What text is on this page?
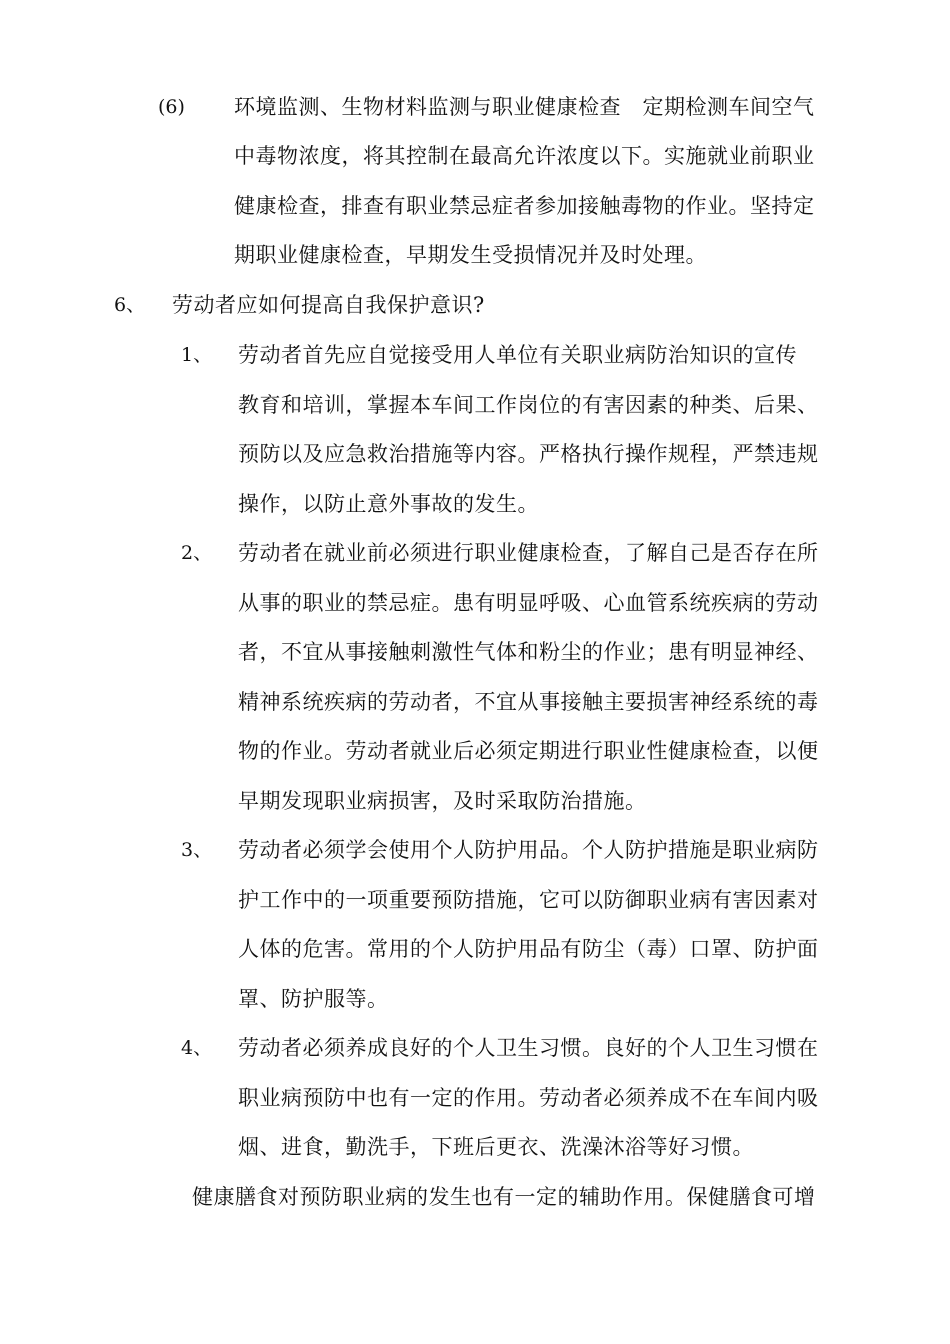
(6) 环境监测、生物材料监测与职业健康检查　定期检测车间空气
中毒物浓度，将其控制在最高允许浓度以下。实施就业前职业
健康检查，排查有职业禁忌症者参加接触毒物的作业。坚持定
期职业健康检查，早期发生受损情况并及时处理。
6、 劳动者应如何提高自我保护意识?
1、 劳动者首先应自觉接受用人单位有关职业病防治知识的宣传
教育和培训，掌握本车间工作岗位的有害因素的种类、后果、
预防以及应急救治措施等内容。严格执行操作规程，严禁违规
操作，以防止意外事故的发生。
2、 劳动者在就业前必须进行职业健康检查，了解自己是否存在所
从事的职业的禁忌症。患有明显呼吸、心血管系统疾病的劳动
者，不宜从事接触刺激性气体和粉尘的作业；患有明显神经、
精神系统疾病的劳动者，不宜从事接触主要损害神经系统的毒
物的作业。劳动者就业后必须定期进行职业性健康检查，以便
早期发现职业病损害，及时采取防治措施。
3、 劳动者必须学会使用个人防护用品。个人防护措施是职业病防
护工作中的一项重要预防措施，它可以防御职业病有害因素对
人体的危害。常用的个人防护用品有防尘（毒）口罩、防护面
罩、防护服等。
4、 劳动者必须养成良好的个人卫生习惯。良好的个人卫生习惯在
职业病预防中也有一定的作用。劳动者必须养成不在车间内吸
烟、进食，勤洗手，下班后更衣、洗澡沐浴等好习惯。
健康膳食对预防职业病的发生也有一定的辅助作用。保健膳食可增
